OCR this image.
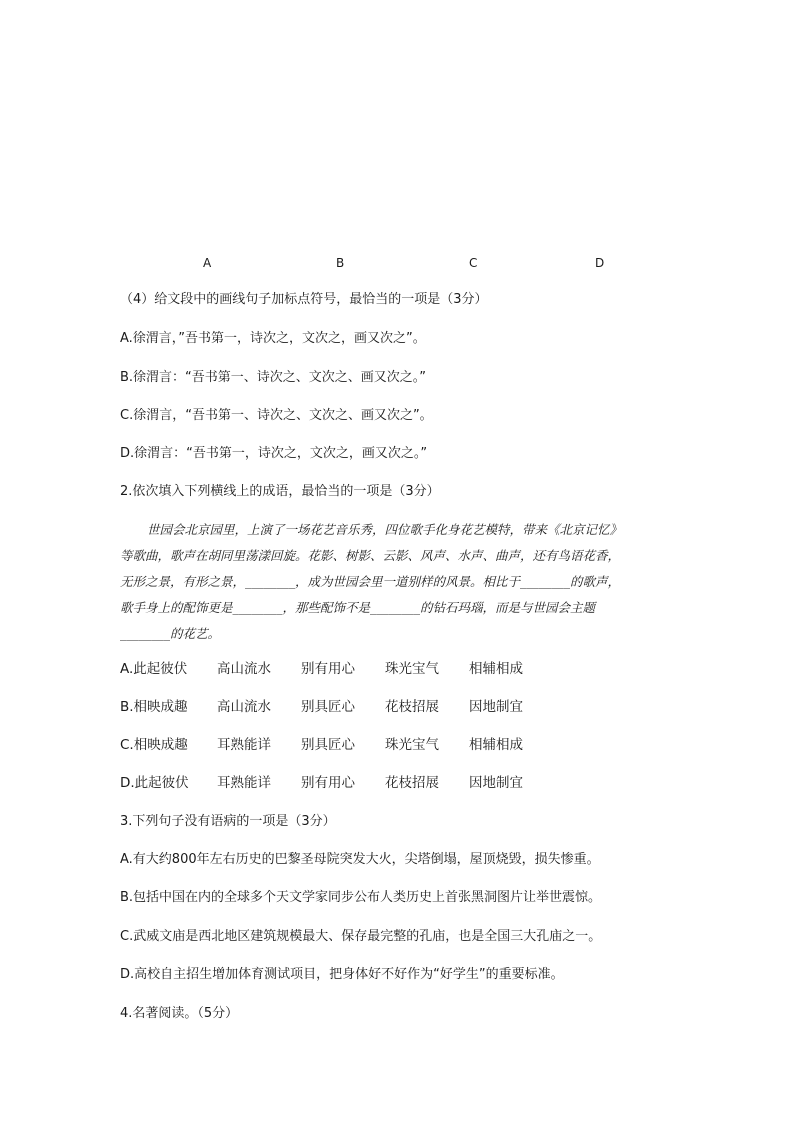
A	B	C	D
（4）给文段中的画线句子加标点符号，最恰当的一项是（3分）
A.徐渭言，”吾书第一，诗次之，文次之，画又次之”。
B.徐渭言：“吾书第一、诗次之、文次之、画又次之。”
C.徐渭言，“吾书第一、诗次之、文次之、画又次之”。
D.徐渭言：“吾书第一，诗次之，文次之，画又次之。”
2.依次填入下列横线上的成语，最恰当的一项是（3分）
世园会北京园里，上演了一场花艺音乐秀，四位歌手化身花艺模特，带来《北京记忆》
等歌曲，歌声在胡同里荡漾回旋。花影、树影、云影、风声、水声、曲声，还有鸟语花香，
无形之景，有形之景，________，成为世园会里一道别样的风景。相比于________的歌声，
歌手身上的配饰更是________，那些配饰不是________的钻石玛瑙，而是与世园会主题
________的花艺。
A.此起彼伏 高山流水 别有用心 珠光宝气 相辅相成
B.相映成趣 高山流水 别具匠心 花枝招展 因地制宜
C.相映成趣 耳熟能详 别具匠心 珠光宝气 相辅相成
D.此起彼伏 耳熟能详 别有用心 花枝招展 因地制宜
3.下列句子没有语病的一项是（3分）
A.有大约800年左右历史的巴黎圣母院突发大火，尖塔倒塌，屋顶烧毁，损失惨重。
B.包括中国在内的全球多个天文学家同步公布人类历史上首张黑洞图片让举世震惊。
C.武威文庙是西北地区建筑规模最大、保存最完整的孔庙，也是全国三大孔庙之一。
D.高校自主招生增加体育测试项目，把身体好不好作为“好学生”的重要标准。
4.名著阅读。（5分）
